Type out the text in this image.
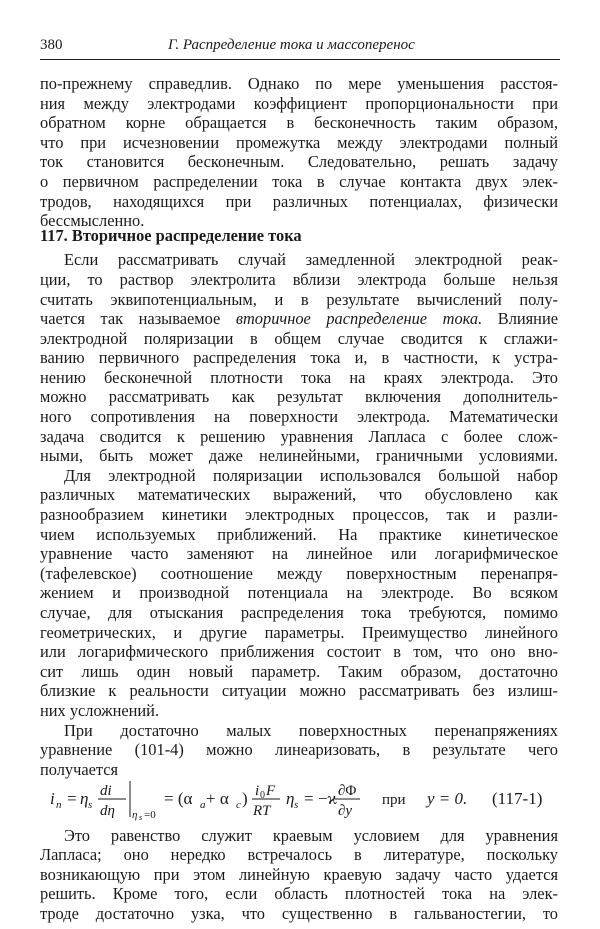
380	Г. Распределение тока и массоперенос
по-прежнему справедлив. Однако по мере уменьшения расстоя-
ния между электродами коэффициент пропорциональности при
обратном корне обращается в бесконечность таким образом,
что при исчезновении промежутка между электродами полный
ток становится бесконечным. Следовательно, решать задачу
о первичном распределении тока в случае контакта двух элек-
тродов, находящихся при различных потенциалах, физически
бессмысленно.
117. Вторичное распределение тока
Если рассматривать случай замедленной электродной реак-
ции, то раствор электролита вблизи электрода больше нельзя
считать эквипотенциальным, и в результате вычислений полу-
чается так называемое вторичное распределение тока. Влияние
электродной поляризации в общем случае сводится к сглажи-
ванию первичного распределения тока и, в частности, к устра-
нению бесконечной плотности тока на краях электрода. Это
можно рассматривать как результат включения дополнитель-
ного сопротивления на поверхности электрода. Математически
задача сводится к решению уравнения Лапласа с более слож-
ными, быть может даже нелинейными, граничными условиями.
Для электродной поляризации использовался большой набор
различных математических выражений, что обусловлено как
разнообразием кинетики электродных процессов, так и разли-
чием используемых приближений. На практике кинетическое
уравнение часто заменяют на линейное или логарифмическое
(тафелевское) соотношение между поверхностным перенапря-
жением и производной потенциала на электроде. Во всяком
случае, для отыскания распределения тока требуются, помимо
геометрических, и другие параметры. Преимущество линейного
или логарифмического приближения состоит в том, что оно вно-
сит лишь один новый параметр. Таким образом, достаточно
близкие к реальности ситуации можно рассматривать без излиш-
них усложнений.
При достаточно малых поверхностных перенапряжениях
уравнение (101-4) можно линеаризовать, в результате чего
получается
i n = η s
di
dη η s =0
= (α a + α c ) i 0 F
RT
η s = −ϰ ∂Φ
∂y
при y = 0. (117-1)
Это равенство служит краевым условием для уравнения
Лапласа; оно нередко встречалось в литературе, поскольку
возникающую при этом линейную краевую задачу часто удается
решить. Кроме того, если область плотностей тока на элек-
троде достаточно узка, что существенно в гальваностегии, то
